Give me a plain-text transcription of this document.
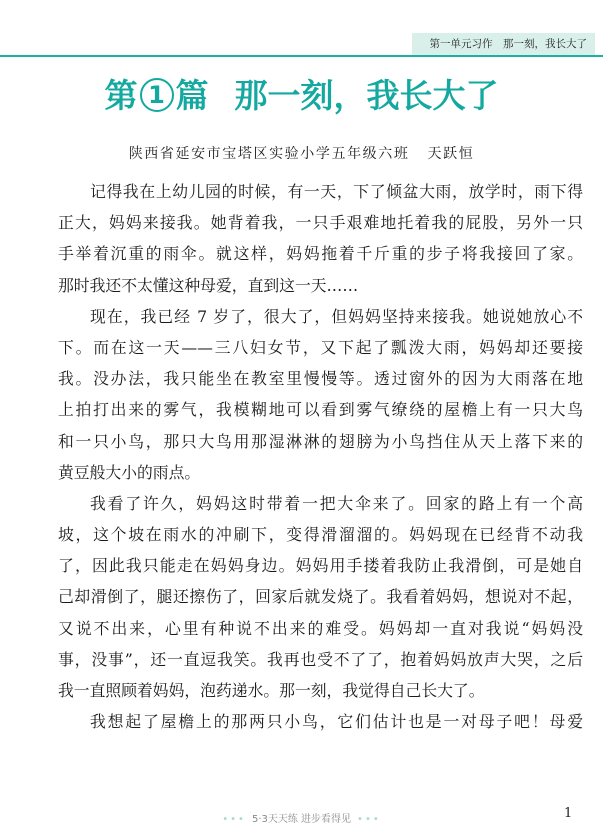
第一单元习作　那一刻，我长大了
第 1 篇 那一刻，我长大了
陕西省延安市宝塔区实验小学五年级六班 天跃恒

记得我在上幼儿园的时候，有一天，下了倾盆大雨，放学时，雨下得
正大，妈妈来接我。她背着我，一只手艰难地托着我的屁股，另外一只
手举着沉重的雨伞。就这样，妈妈拖着千斤重的步子将我接回了家。
那时我还不太懂这种母爱，直到这一天……

现在，我已经 7 岁了，很大了，但妈妈坚持来接我。她说她放心不
下。而在这一天——三八妇女节，又下起了瓢泼大雨，妈妈却还要接
我。没办法，我只能坐在教室里慢慢等。透过窗外的因为大雨落在地
上拍打出来的雾气，我模糊地可以看到雾气缭绕的屋檐上有一只大鸟
和一只小鸟，那只大鸟用那湿淋淋的翅膀为小鸟挡住从天上落下来的
黄豆般大小的雨点。

我看了许久，妈妈这时带着一把大伞来了。回家的路上有一个高
坡，这个坡在雨水的冲刷下，变得滑溜溜的。妈妈现在已经背不动我
了，因此我只能走在妈妈身边。妈妈用手搂着我防止我滑倒，可是她自
己却滑倒了，腿还擦伤了，回家后就发烧了。我看着妈妈，想说对不起，
又说不出来，心里有种说不出来的难受。妈妈却一直对我说“妈妈没
事，没事”，还一直逗我笑。我再也受不了了，抱着妈妈放声大哭，之后
我一直照顾着妈妈，泡药递水。那一刻，我觉得自己长大了。

我想起了屋檐上的那两只小鸟，它们估计也是一对母子吧！母爱

••• 5·3天天练 进步看得见 •••	1
